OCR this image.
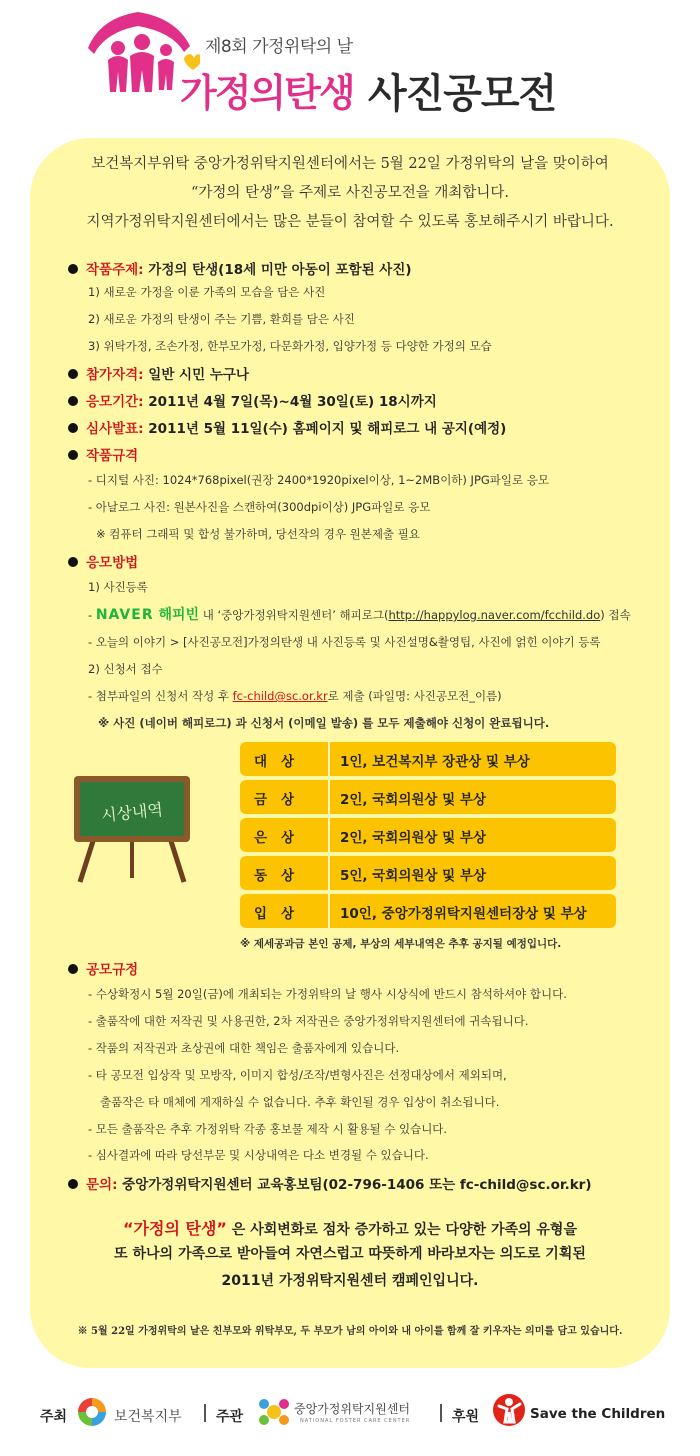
제8회 가정위탁의 날
가정의탄생 사진공모전
보건복지부위탁 중앙가정위탁지원센터에서는 5월 22일 가정위탁의 날을 맞이하여
“가정의 탄생”을 주제로 사진공모전을 개최합니다.
지역가정위탁지원센터에서는 많은 분들이 참여할 수 있도록 홍보해주시기 바랍니다.
작품주제: 가정의 탄생(18세 미만 아동이 포함된 사진)
1) 새로운 가정을 이룬 가족의 모습을 담은 사진
2) 새로운 가정의 탄생이 주는 기쁨, 환희를 담은 사진
3) 위탁가정, 조손가정, 한부모가정, 다문화가정, 입양가정 등 다양한 가정의 모습
참가자격: 일반 시민 누구나
응모기간: 2011년 4월 7일(목)~4월 30일(토) 18시까지
심사발표: 2011년 5월 11일(수) 홈페이지 및 해피로그 내 공지(예정)
작품규격
- 디지털 사진: 1024*768pixel(권장 2400*1920pixel이상, 1~2MB이하) JPG파일로 응모
- 아날로그 사진: 원본사진을 스캔하여(300dpi이상) JPG파일로 응모
※ 컴퓨터 그래픽 및 합성 불가하며, 당선작의 경우 원본제출 필요
응모방법
1) 사진등록
- NAVER 해피빈 내 ‘중앙가정위탁지원센터’ 해피로그(http://happylog.naver.com/fcchild.do) 접속
- 오늘의 이야기 > [사진공모전]가정의탄생 내 사진등록 및 사진설명&촬영팁, 사진에 얽힌 이야기 등록
2) 신청서 접수
- 첨부파일의 신청서 작성 후 fc-child@sc.or.kr로 제출 (파일명: 사진공모전_이름)
※ 사진 (네이버 해피로그) 과 신청서 (이메일 발송) 를 모두 제출해야 신청이 완료됩니다.
시상내역
대상 1인, 보건복지부 장관상 및 부상
금상 2인, 국회의원상 및 부상
은상 2인, 국회의원상 및 부상
동상 5인, 국회의원상 및 부상
입상 10인, 중앙가정위탁지원센터장상 및 부상
※ 제세공과금 본인 공제, 부상의 세부내역은 추후 공지될 예정입니다.
공모규정
- 수상확정시 5월 20일(금)에 개최되는 가정위탁의 날 행사 시상식에 반드시 참석하셔야 합니다.
- 출품작에 대한 저작권 및 사용권한, 2차 저작권은 중앙가정위탁지원센터에 귀속됩니다.
- 작품의 저작권과 초상권에 대한 책임은 출품자에게 있습니다.
- 타 공모전 입상작 및 모방작, 이미지 합성/조작/변형사진은 선정대상에서 제외되며,
출품작은 타 매체에 게재하실 수 없습니다. 추후 확인될 경우 입상이 취소됩니다.
- 모든 출품작은 추후 가정위탁 각종 홍보물 제작 시 활용될 수 있습니다.
- 심사결과에 따라 당선부문 및 시상내역은 다소 변경될 수 있습니다.
문의: 중앙가정위탁지원센터 교육홍보팀(02-796-1406 또는 fc-child@sc.or.kr)
“가정의 탄생” 은 사회변화로 점차 증가하고 있는 다양한 가족의 유형을
또 하나의 가족으로 받아들여 자연스럽고 따뜻하게 바라보자는 의도로 기획된
2011년 가정위탁지원센터 캠페인입니다.
※ 5월 22일 가정위탁의 날은 친부모와 위탁부모, 두 부모가 남의 아이와 내 아이를 함께 잘 키우자는 의미를 담고 있습니다.
주최	보건복지부 주관	중앙가정위탁지원센터
NATIONAL FOSTER CARE CENTER	후원	Save the Children
